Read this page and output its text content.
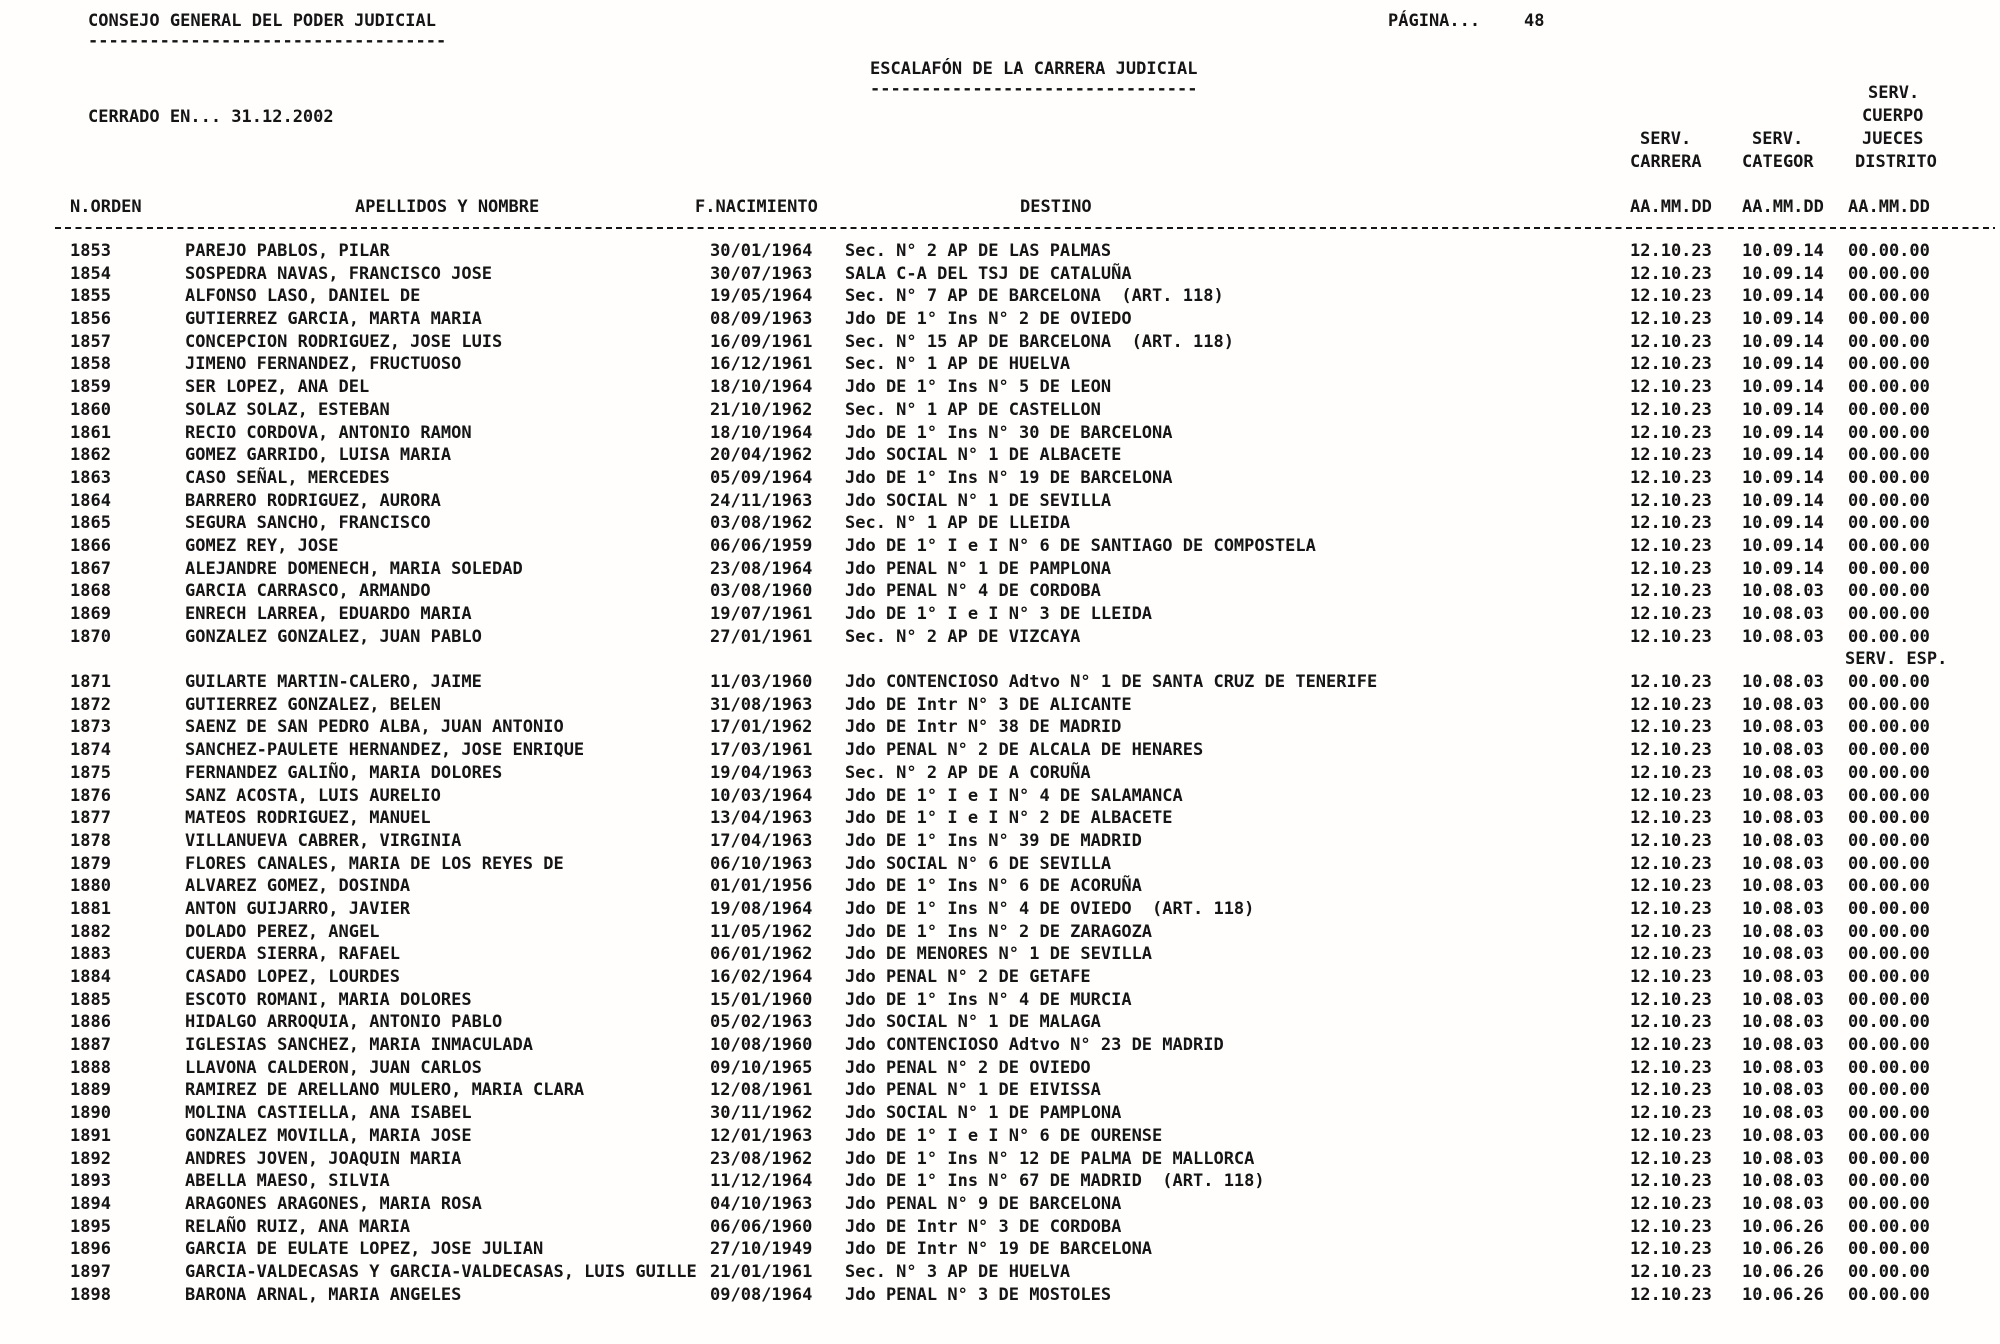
CONSEJO GENERAL DEL PODER JUDICIAL
-----------------------------------
PÁGINA...	48
ESCALAFÓN DE LA CARRERA JUDICIAL
--------------------------------
CERRADO EN... 31.12.2002
SERV.
CUERPO
SERV.	SERV.	JUECES
CARRERA CATEGOR DISTRITO
N.ORDEN	APELLIDOS Y NOMBRE	F.NACIMIENTO	DESTINO	AA.MM.DD AA.MM.DD AA.MM.DD
1853	PAREJO PABLOS, PILAR	30/01/1964 Sec. N° 2 AP DE LAS PALMAS	12.10.23 10.09.14 00.00.00
1854	SOSPEDRA NAVAS, FRANCISCO JOSE	30/07/1963 SALA C-A DEL TSJ DE CATALUÑA	12.10.23 10.09.14 00.00.00
1855	ALFONSO LASO, DANIEL DE	19/05/1964 Sec. N° 7 AP DE BARCELONA  (ART. 118)	12.10.23 10.09.14 00.00.00
1856	GUTIERREZ GARCIA, MARTA MARIA	08/09/1963 Jdo DE 1° Ins N° 2 DE OVIEDO	12.10.23 10.09.14 00.00.00
1857	CONCEPCION RODRIGUEZ, JOSE LUIS	16/09/1961 Sec. N° 15 AP DE BARCELONA  (ART. 118)	12.10.23 10.09.14 00.00.00
1858	JIMENO FERNANDEZ, FRUCTUOSO	16/12/1961 Sec. N° 1 AP DE HUELVA	12.10.23 10.09.14 00.00.00
1859	SER LOPEZ, ANA DEL	18/10/1964 Jdo DE 1° Ins N° 5 DE LEON	12.10.23 10.09.14 00.00.00
1860	SOLAZ SOLAZ, ESTEBAN	21/10/1962 Sec. N° 1 AP DE CASTELLON	12.10.23 10.09.14 00.00.00
1861	RECIO CORDOVA, ANTONIO RAMON	18/10/1964 Jdo DE 1° Ins N° 30 DE BARCELONA	12.10.23 10.09.14 00.00.00
1862	GOMEZ GARRIDO, LUISA MARIA	20/04/1962 Jdo SOCIAL N° 1 DE ALBACETE	12.10.23 10.09.14 00.00.00
1863	CASO SEÑAL, MERCEDES	05/09/1964 Jdo DE 1° Ins N° 19 DE BARCELONA	12.10.23 10.09.14 00.00.00
1864	BARRERO RODRIGUEZ, AURORA	24/11/1963 Jdo SOCIAL N° 1 DE SEVILLA	12.10.23 10.09.14 00.00.00
1865	SEGURA SANCHO, FRANCISCO	03/08/1962 Sec. N° 1 AP DE LLEIDA	12.10.23 10.09.14 00.00.00
1866	GOMEZ REY, JOSE	06/06/1959 Jdo DE 1° I e I N° 6 DE SANTIAGO DE COMPOSTELA	12.10.23 10.09.14 00.00.00
1867	ALEJANDRE DOMENECH, MARIA SOLEDAD	23/08/1964 Jdo PENAL N° 1 DE PAMPLONA	12.10.23 10.09.14 00.00.00
1868	GARCIA CARRASCO, ARMANDO	03/08/1960 Jdo PENAL N° 4 DE CORDOBA	12.10.23 10.08.03 00.00.00
1869	ENRECH LARREA, EDUARDO MARIA	19/07/1961 Jdo DE 1° I e I N° 3 DE LLEIDA	12.10.23 10.08.03 00.00.00
1870	GONZALEZ GONZALEZ, JUAN PABLO	27/01/1961 Sec. N° 2 AP DE VIZCAYA	12.10.23 10.08.03 00.00.00
SERV. ESP.
1871	GUILARTE MARTIN-CALERO, JAIME	11/03/1960 Jdo CONTENCIOSO Adtvo N° 1 DE SANTA CRUZ DE TENERIFE	12.10.23 10.08.03 00.00.00
1872	GUTIERREZ GONZALEZ, BELEN	31/08/1963 Jdo DE Intr N° 3 DE ALICANTE	12.10.23 10.08.03 00.00.00
1873	SAENZ DE SAN PEDRO ALBA, JUAN ANTONIO	17/01/1962 Jdo DE Intr N° 38 DE MADRID	12.10.23 10.08.03 00.00.00
1874	SANCHEZ-PAULETE HERNANDEZ, JOSE ENRIQUE	17/03/1961 Jdo PENAL N° 2 DE ALCALA DE HENARES	12.10.23 10.08.03 00.00.00
1875	FERNANDEZ GALIÑO, MARIA DOLORES	19/04/1963 Sec. N° 2 AP DE A CORUÑA	12.10.23 10.08.03 00.00.00
1876	SANZ ACOSTA, LUIS AURELIO	10/03/1964 Jdo DE 1° I e I N° 4 DE SALAMANCA	12.10.23 10.08.03 00.00.00
1877	MATEOS RODRIGUEZ, MANUEL	13/04/1963 Jdo DE 1° I e I N° 2 DE ALBACETE	12.10.23 10.08.03 00.00.00
1878	VILLANUEVA CABRER, VIRGINIA	17/04/1963 Jdo DE 1° Ins N° 39 DE MADRID	12.10.23 10.08.03 00.00.00
1879	FLORES CANALES, MARIA DE LOS REYES DE	06/10/1963 Jdo SOCIAL N° 6 DE SEVILLA	12.10.23 10.08.03 00.00.00
1880	ALVAREZ GOMEZ, DOSINDA	01/01/1956 Jdo DE 1° Ins N° 6 DE ACORUÑA	12.10.23 10.08.03 00.00.00
1881	ANTON GUIJARRO, JAVIER	19/08/1964 Jdo DE 1° Ins N° 4 DE OVIEDO  (ART. 118)	12.10.23 10.08.03 00.00.00
1882	DOLADO PEREZ, ANGEL	11/05/1962 Jdo DE 1° Ins N° 2 DE ZARAGOZA	12.10.23 10.08.03 00.00.00
1883	CUERDA SIERRA, RAFAEL	06/01/1962 Jdo DE MENORES N° 1 DE SEVILLA	12.10.23 10.08.03 00.00.00
1884	CASADO LOPEZ, LOURDES	16/02/1964 Jdo PENAL N° 2 DE GETAFE	12.10.23 10.08.03 00.00.00
1885	ESCOTO ROMANI, MARIA DOLORES	15/01/1960 Jdo DE 1° Ins N° 4 DE MURCIA	12.10.23 10.08.03 00.00.00
1886	HIDALGO ARROQUIA, ANTONIO PABLO	05/02/1963 Jdo SOCIAL N° 1 DE MALAGA	12.10.23 10.08.03 00.00.00
1887	IGLESIAS SANCHEZ, MARIA INMACULADA	10/08/1960 Jdo CONTENCIOSO Adtvo N° 23 DE MADRID	12.10.23 10.08.03 00.00.00
1888	LLAVONA CALDERON, JUAN CARLOS	09/10/1965 Jdo PENAL N° 2 DE OVIEDO	12.10.23 10.08.03 00.00.00
1889	RAMIREZ DE ARELLANO MULERO, MARIA CLARA	12/08/1961 Jdo PENAL N° 1 DE EIVISSA	12.10.23 10.08.03 00.00.00
1890	MOLINA CASTIELLA, ANA ISABEL	30/11/1962 Jdo SOCIAL N° 1 DE PAMPLONA	12.10.23 10.08.03 00.00.00
1891	GONZALEZ MOVILLA, MARIA JOSE	12/01/1963 Jdo DE 1° I e I N° 6 DE OURENSE	12.10.23 10.08.03 00.00.00
1892	ANDRES JOVEN, JOAQUIN MARIA	23/08/1962 Jdo DE 1° Ins N° 12 DE PALMA DE MALLORCA	12.10.23 10.08.03 00.00.00
1893	ABELLA MAESO, SILVIA	11/12/1964 Jdo DE 1° Ins N° 67 DE MADRID  (ART. 118)	12.10.23 10.08.03 00.00.00
1894	ARAGONES ARAGONES, MARIA ROSA	04/10/1963 Jdo PENAL N° 9 DE BARCELONA	12.10.23 10.08.03 00.00.00
1895	RELAÑO RUIZ, ANA MARIA	06/06/1960 Jdo DE Intr N° 3 DE CORDOBA	12.10.23 10.06.26 00.00.00
1896	GARCIA DE EULATE LOPEZ, JOSE JULIAN	27/10/1949 Jdo DE Intr N° 19 DE BARCELONA	12.10.23 10.06.26 00.00.00
1897	GARCIA-VALDECASAS Y GARCIA-VALDECASAS, LUIS GUILLE 21/01/1961 Sec. N° 3 AP DE HUELVA	12.10.23 10.06.26 00.00.00
1898	BARONA ARNAL, MARIA ANGELES	09/08/1964 Jdo PENAL N° 3 DE MOSTOLES	12.10.23 10.06.26 00.00.00
